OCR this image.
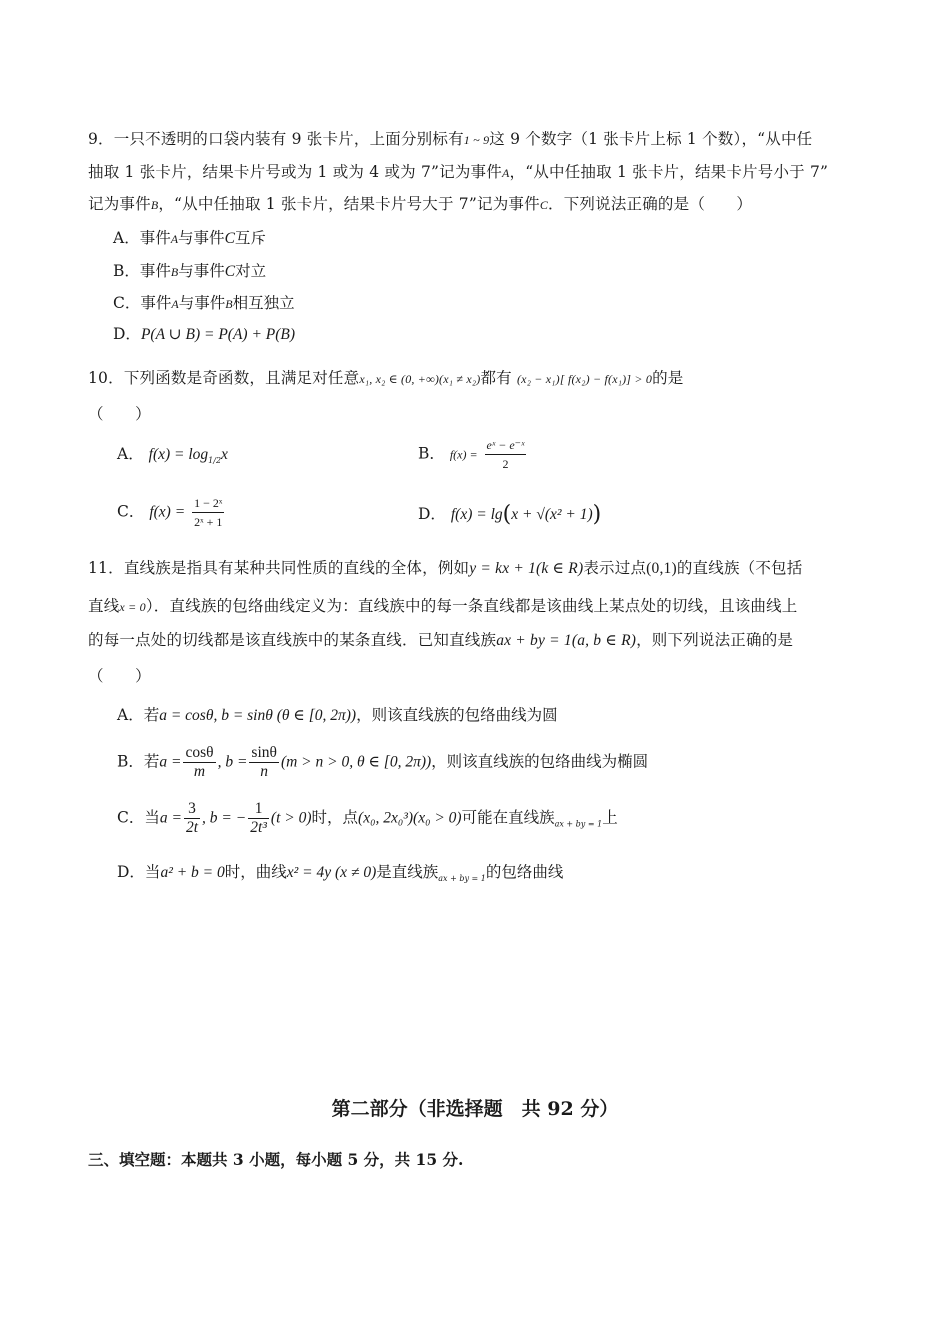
9．一只不透明的口袋内装有 9 张卡片，上面分别标有1 ~ 9这 9 个数字（1 张卡片上标 1 个数），“从中任
抽取 1 张卡片，结果卡片号或为 1 或为 4 或为 7”记为事件A，“从中任抽取 1 张卡片，结果卡片号小于 7”
记为事件B，“从中任抽取 1 张卡片，结果卡片号大于 7”记为事件C．下列说法正确的是（　　）
A．事件A与事件C互斥
B．事件B与事件C对立
C．事件A与事件B相互独立
D．P(A ∪ B) = P(A) + P(B)
10．下列函数是奇函数，且满足对任意x₁, x₂ ∈ (0, +∞)(x₁ ≠ x₂)都有 (x₂ − x₁)[ f(x₂) − f(x₁)] > 0的是
（　　）
A． $f(x) = \log_{1/2}x$	B． $f(x) = \frac{\text{eˣ − e⁻ˣ}}{2}$
C． $f(x) = \frac{\text{1 − 2ˣ}}{\text{2ˣ + 1}}$	D． f(x) = lg(x + √(x² + 1))
11．直线族是指具有某种共同性质的直线的全体，例如y = kx + 1(k ∈ R)表示过点(0,1)的直线族（不包括
直线x = 0）．直线族的包络曲线定义为：直线族中的每一条直线都是该曲线上某点处的切线，且该曲线上
的每一点处的切线都是该直线族中的某条直线．已知直线族ax + by = 1(a, b ∈ R)，则下列说法正确的是
（　　）
A．若a = cosθ, b = sinθ (θ ∈ [0, 2π))，则该直线族的包络曲线为圆
B．若$a = \frac{\cos\theta}{m}$ , $b = \frac{\sin\theta}{n} (m > n > 0$, θ ∈ [0, 2π))，则该直线族的包络曲线为椭圆
C．当$a = \frac{3}{2t}$ , b = − $\frac{1}{\text{2t³}} (t > 0)$时，点(x₀, 2x₀³)(x₀ > 0)可能在直线族$_{ax + by = 1}$上
D．当a² + b = 0时，曲线x² = 4y (x ≠ 0)是直线族$_{ax + by = 1}$的包络曲线
第二部分（非选择题　共 92 分）
三、填空题：本题共 3 小题，每小题 5 分，共 15 分.
